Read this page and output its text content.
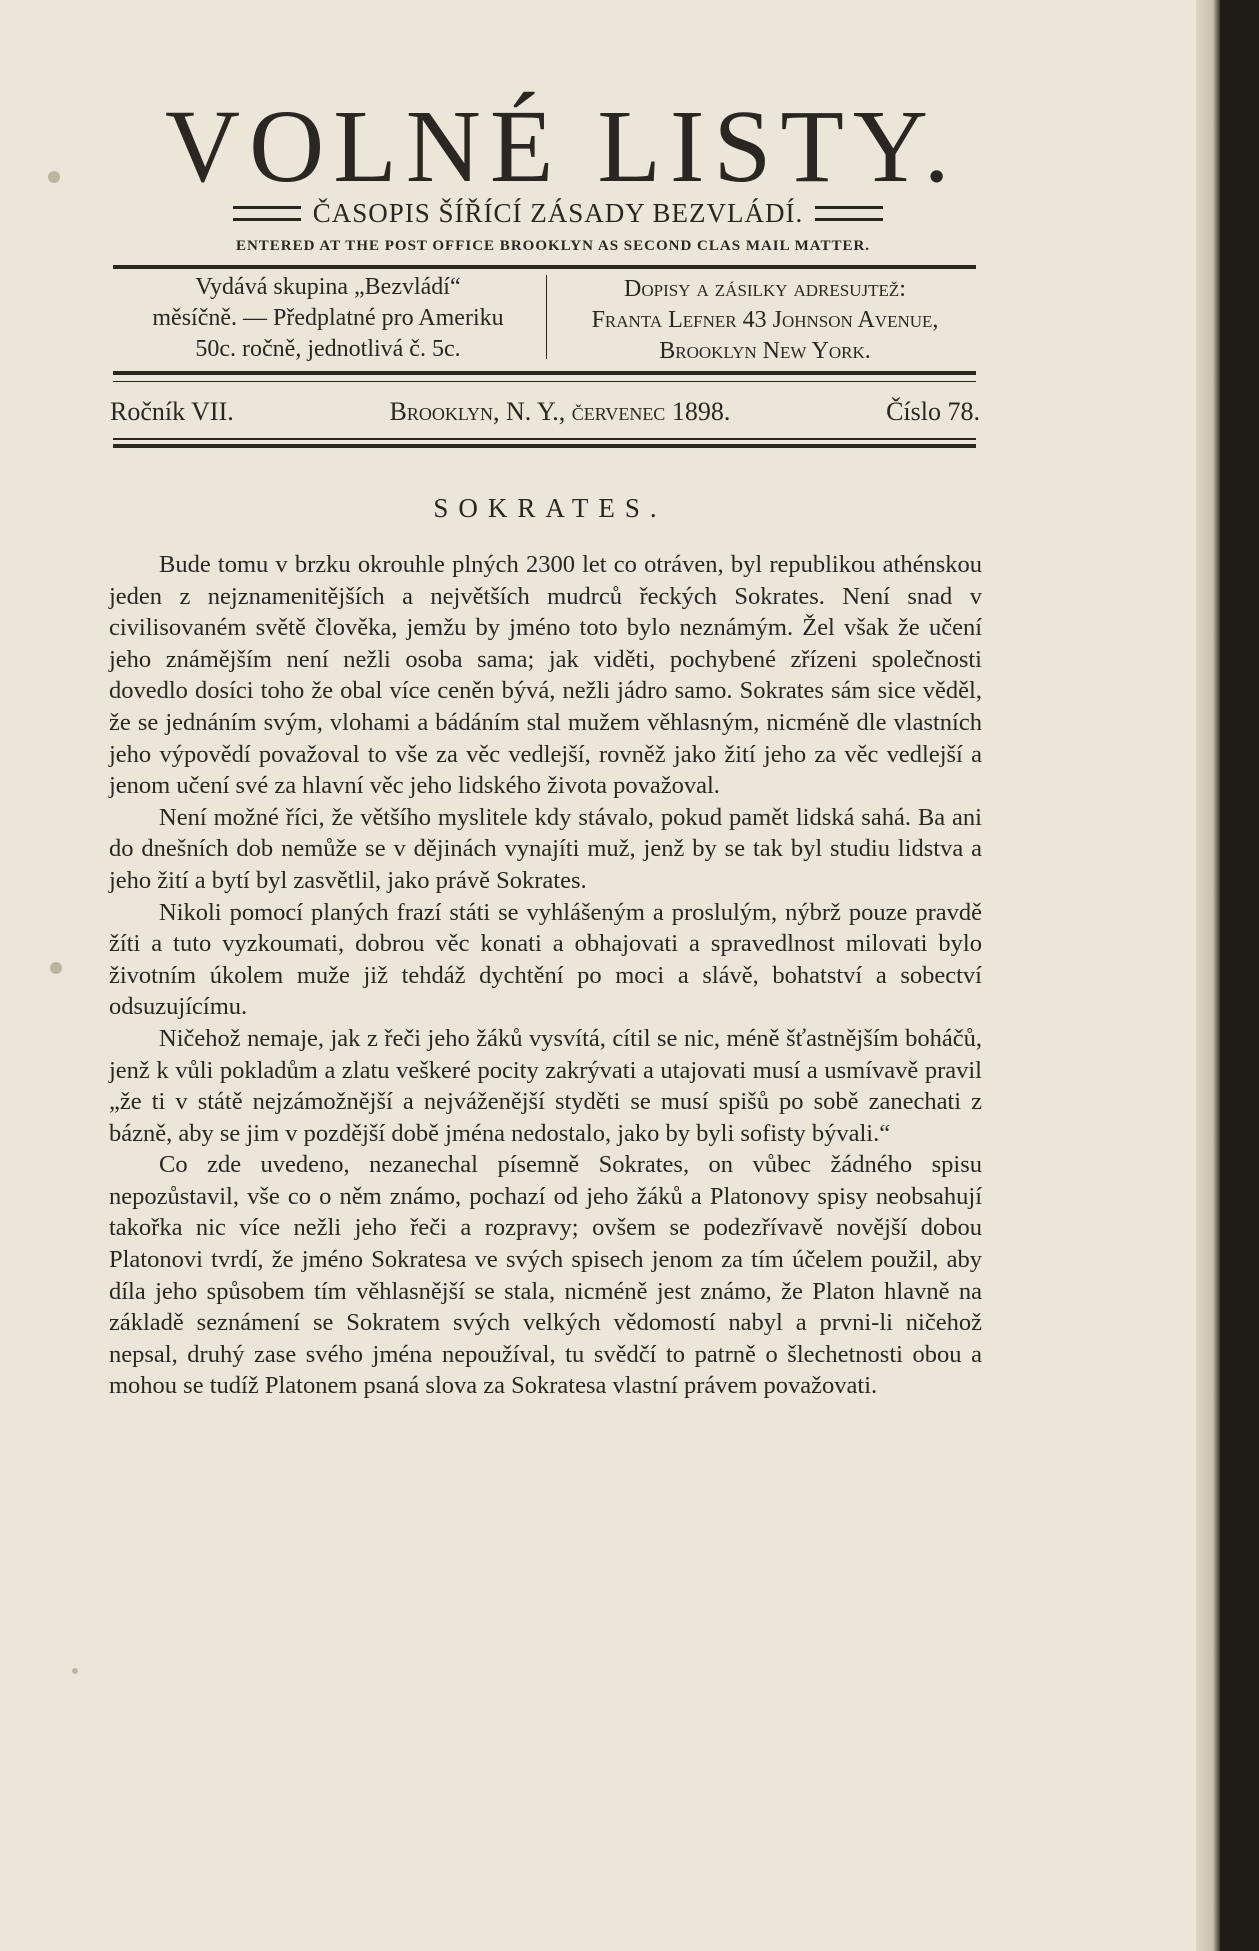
VOLNÉ LISTY.
ČASOPIS ŠÍŘÍCÍ ZÁSADY BEZVLÁDÍ.
ENTERED AT THE POST OFFICE BROOKLYN AS SECOND CLAS MAIL MATTER.
Vydává skupina „Bezvládí“
měsíčně. — Předplatné pro Ameriku
50c. ročně, jednotlivá č. 5c.
Dopisy a zásilky adresujtež:
Franta Lefner 43 Johnson Avenue,
Brooklyn New York.
Ročník VII.	Brooklyn, N. Y., červenec 1898.	Číslo 78.
SOKRATES.

Bude tomu v brzku okrouhle plných 2300 let co otráven, byl republikou athénskou jeden z nejznamenitějších a největších mudrců řeckých Sokrates. Není snad v civilisovaném světě člověka, jemžu by jméno toto bylo neznámým. Žel však že učení jeho známějším není nežli osoba sama; jak viděti, pochybené zřízeni společnosti dovedlo dosíci toho že obal více ceněn bývá, nežli jádro samo. Sokrates sám sice věděl, že se jednáním svým, vlohami a bádáním stal mužem věhlasným, nicméně dle vlastních jeho výpovědí považoval to vše za věc vedlejší, rovněž jako žití jeho za věc vedlejší a jenom učení své za hlavní věc jeho lidského života považoval.

Není možné říci, že většího myslitele kdy stávalo, pokud pamět lidská sahá. Ba ani do dnešních dob nemůže se v dějinách vynajíti muž, jenž by se tak byl studiu lidstva a jeho žití a bytí byl zasvětlil, jako právě Sokrates.

Nikoli pomocí planých frazí státi se vyhlášeným a proslulým, nýbrž pouze pravdě žíti a tuto vyzkoumati, dobrou věc konati a obhajovati a spravedlnost milovati bylo životním úkolem muže již tehdáž dychtění po moci a slávě, bohatství a sobectví odsuzujícímu.

Ničehož nemaje, jak z řeči jeho žáků vysvítá, cítil se nic, méně šťastnějším boháčů, jenž k vůli pokladům a zlatu veškeré pocity zakrývati a utajovati musí a usmívavě pravil „že ti v státě nejzámožnější a nejváženější styděti se musí spišů po sobě zanechati z bázně, aby se jim v pozdější době jména nedostalo, jako by byli sofisty bývali.“

Co zde uvedeno, nezanechal písemně Sokrates, on vůbec žádného spisu nepozůstavil, vše co o něm známo, pochazí od jeho žáků a Platonovy spisy neobsahují takořka nic více nežli jeho řeči a rozpravy; ovšem se podezřívavě novější dobou Platonovi tvrdí, že jméno Sokratesa ve svých spisech jenom za tím účelem použil, aby díla jeho spůsobem tím věhlasnější se stala, nicméně jest známo, že Platon hlavně na základě seznámení se Sokratem svých velkých vědomostí nabyl a prvni-li ničehož nepsal, druhý zase svého jména nepoužíval, tu svědčí to patrně o šlechetnosti obou a mohou se tudíž Platonem psaná slova za Sokratesa vlastní právem považovati.
